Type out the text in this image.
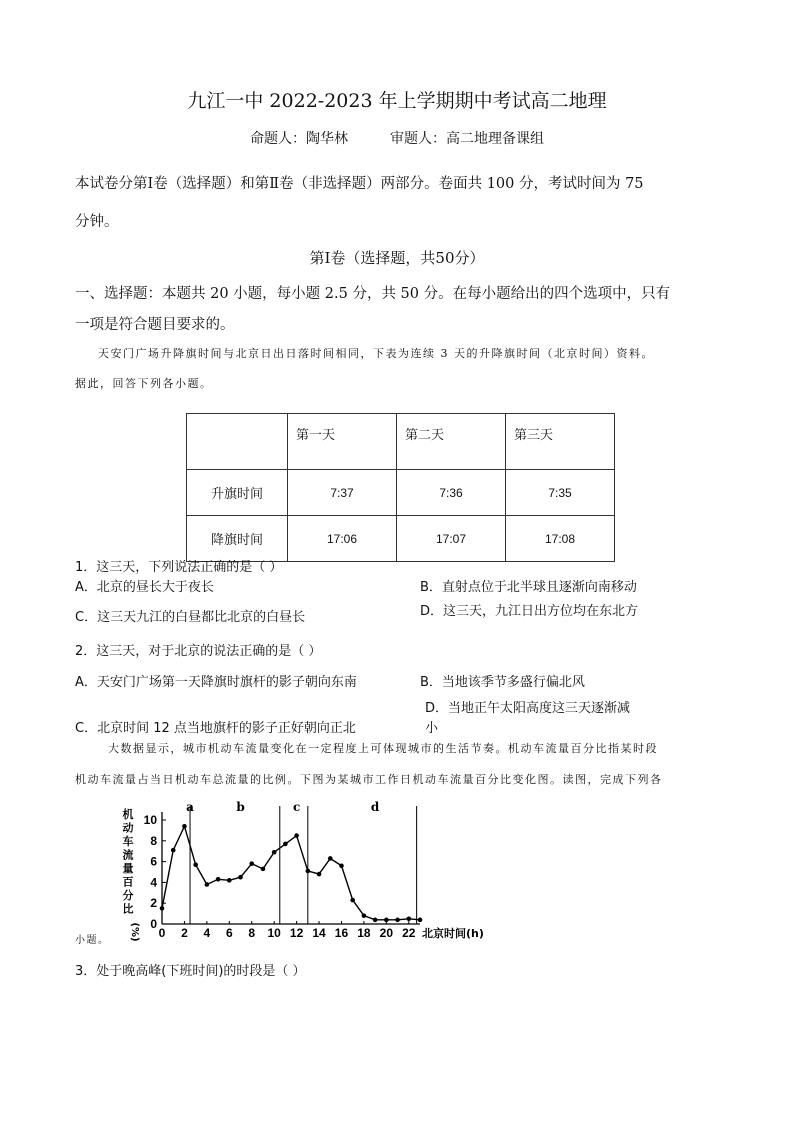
九江一中 2022-2023 年上学期期中考试高二地理
命题人：陶华林	审题人：高二地理备课组
本试卷分第Ⅰ卷（选择题）和第Ⅱ卷（非选择题）两部分。卷面共 100 分，考试时间为 75
分钟。
第Ⅰ卷（选择题，共50分）
一、选择题：本题共 20 小题，每小题 2.5 分，共 50 分。在每小题给出的四个选项中，只有
一项是符合题目要求的。
天安门广场升降旗时间与北京日出日落时间相同，下表为连续 3 天的升降旗时间（北京时间）资料。
据此，回答下列各小题。
	第一天	第二天	第三天
升旗时间	7:37	7:36	7:35
降旗时间	17:06	17:07	17:08
1．这三天，下列说法正确的是（ ）
A．北京的昼长大于夜长	B．直射点位于北半球且逐渐向南移动
C．这三天九江的白昼都比北京的白昼长	D．这三天，九江日出方位均在东北方
2．这三天，对于北京的说法正确的是（ ）
A．天安门广场第一天降旗时旗杆的影子朝向东南	B．当地该季节多盛行偏北风
D．当地正午太阳高度这三天逐渐减
C．北京时间 12 点当地旗杆的影子正好朝向正北	小
大数据显示，城市机动车流量变化在一定程度上可体现城市的生活节奏。机动车流量百分比指某时段
机动车流量占当日机动车总流量的比例。下图为某城市工作日机动车流量百分比变化图。读图，完成下列各
小题。
0
2
4
6
8
10
0 2 4 6 8 10 12 14 16 18 20 22 北京时间(h)
机
动
车
流
量
百
分
比
(%)
a	b	c	d
3．处于晚高峰(下班时间)的时段是（ ）
